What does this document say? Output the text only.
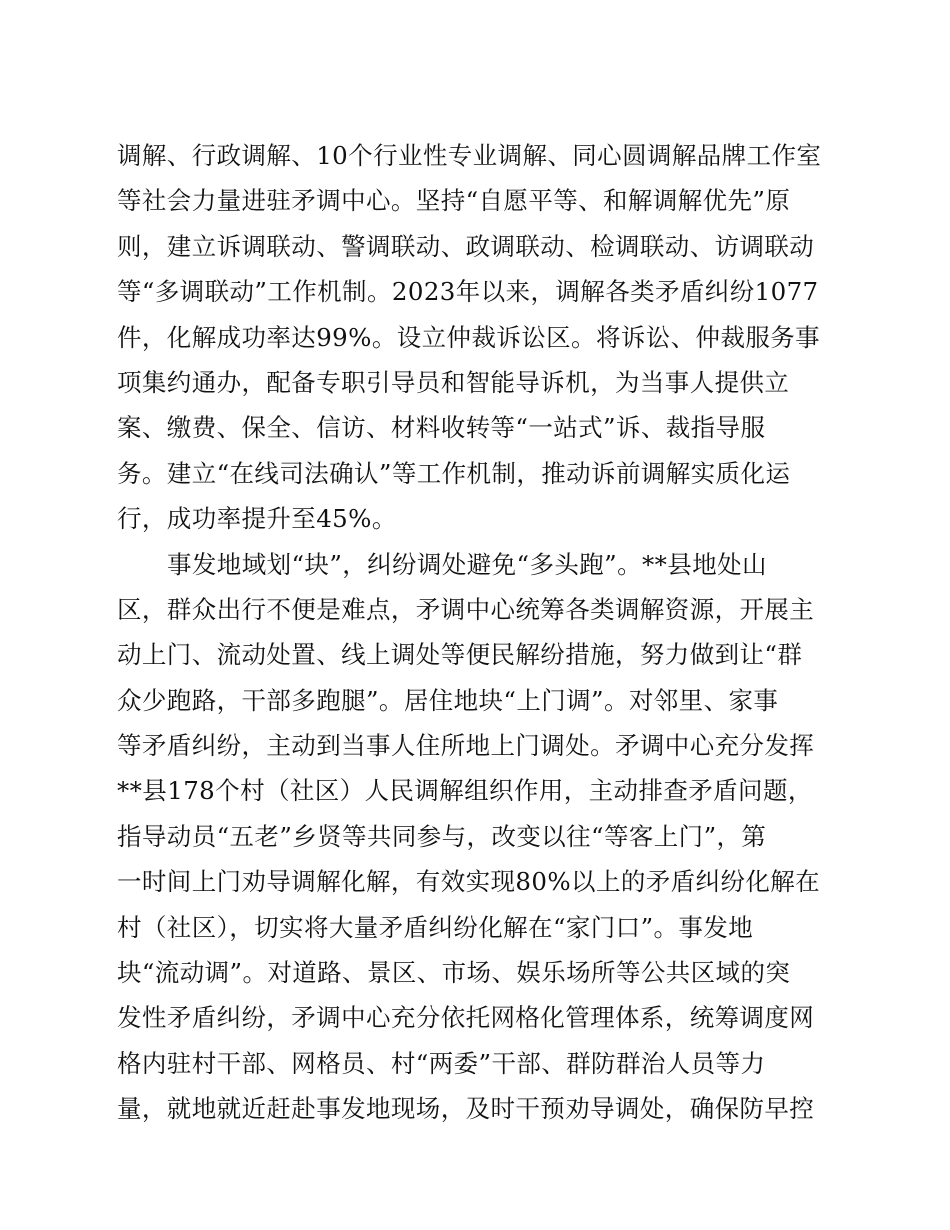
调解、行政调解、10个行业性专业调解、同心圆调解品牌工作室
等社会力量进驻矛调中心。坚持“自愿平等、和解调解优先”原
则，建立诉调联动、警调联动、政调联动、检调联动、访调联动
等“多调联动”工作机制。2023年以来，调解各类矛盾纠纷1077
件，化解成功率达99%。设立仲裁诉讼区。将诉讼、仲裁服务事
项集约通办，配备专职引导员和智能导诉机，为当事人提供立
案、缴费、保全、信访、材料收转等“一站式”诉、裁指导服
务。建立“在线司法确认”等工作机制，推动诉前调解实质化运
行，成功率提升至45%。
事发地域划“块”，纠纷调处避免“多头跑”。**县地处山
区，群众出行不便是难点，矛调中心统筹各类调解资源，开展主
动上门、流动处置、线上调处等便民解纷措施，努力做到让“群
众少跑路，干部多跑腿”。居住地块“上门调”。对邻里、家事
等矛盾纠纷，主动到当事人住所地上门调处。矛调中心充分发挥
**县178个村（社区）人民调解组织作用，主动排查矛盾问题，
指导动员“五老”乡贤等共同参与，改变以往“等客上门”，第
一时间上门劝导调解化解，有效实现80%以上的矛盾纠纷化解在
村（社区），切实将大量矛盾纠纷化解在“家门口”。事发地
块“流动调”。对道路、景区、市场、娱乐场所等公共区域的突
发性矛盾纠纷，矛调中心充分依托网格化管理体系，统筹调度网
格内驻村干部、网格员、村“两委”干部、群防群治人员等力
量，就地就近赶赴事发地现场，及时干预劝导调处，确保防早控
